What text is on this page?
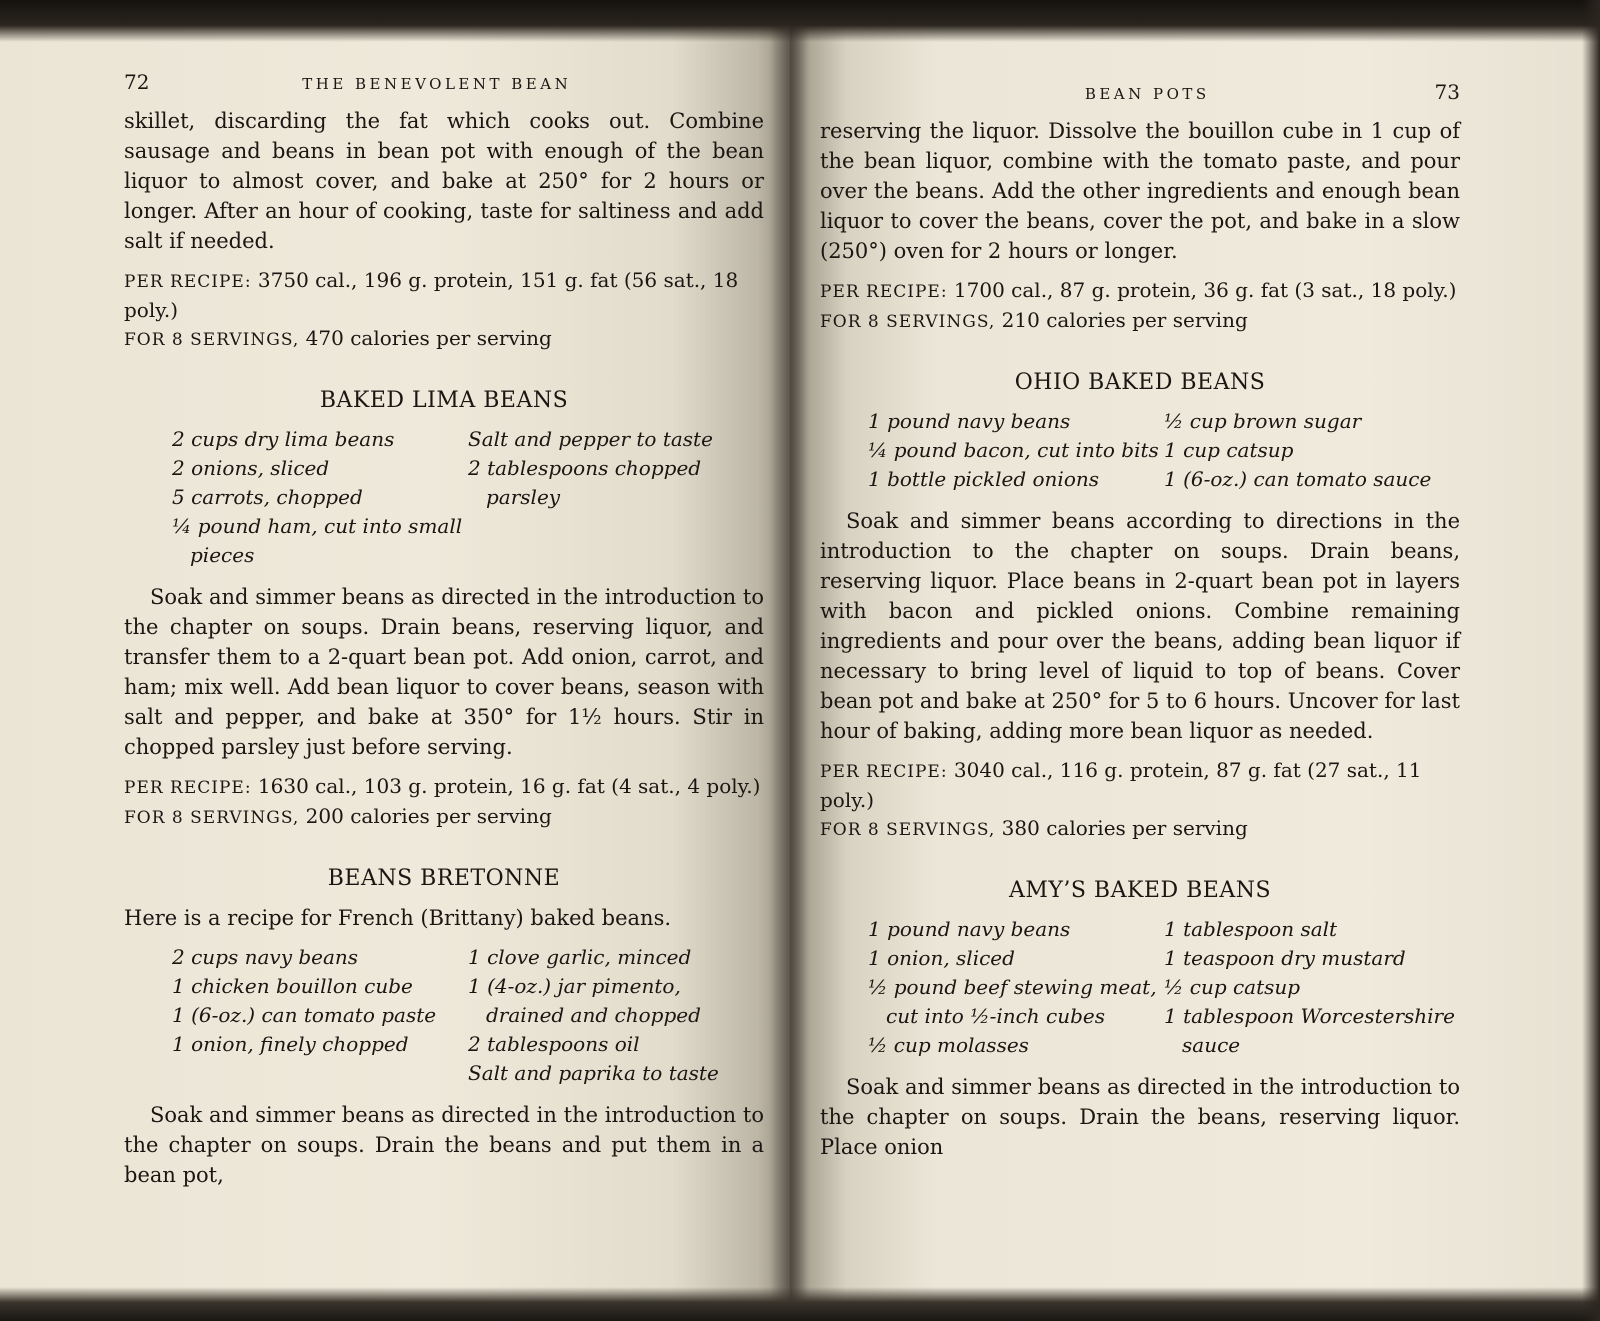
72	THE BENEVOLENT BEAN

skillet, discarding the fat which cooks out. Combine sausage and beans in bean pot with enough of the bean liquor to almost cover, and bake at 250° for 2 hours or longer. After an hour of cooking, taste for saltiness and add salt if needed.

PER RECIPE: 3750 cal., 196 g. protein, 151 g. fat (56 sat., 18 poly.)
FOR 8 SERVINGS, 470 calories per serving
BAKED LIMA BEANS
2 cups dry lima beans
2 onions, sliced
5 carrots, chopped
¼ pound ham, cut into small pieces
Salt and pepper to taste
2 tablespoons chopped parsley

Soak and simmer beans as directed in the introduction to the chapter on soups. Drain beans, reserving liquor, and transfer them to a 2-quart bean pot. Add onion, carrot, and ham; mix well. Add bean liquor to cover beans, season with salt and pepper, and bake at 350° for 1½ hours. Stir in chopped parsley just before serving.

PER RECIPE: 1630 cal., 103 g. protein, 16 g. fat (4 sat., 4 poly.)
FOR 8 SERVINGS, 200 calories per serving
BEANS BRETONNE

Here is a recipe for French (Brittany) baked beans.

2 cups navy beans
1 chicken bouillon cube
1 (6-oz.) can tomato paste
1 onion, finely chopped
1 clove garlic, minced
1 (4-oz.) jar pimento, drained and chopped
2 tablespoons oil
Salt and paprika to taste

Soak and simmer beans as directed in the introduction to the chapter on soups. Drain the beans and put them in a bean pot,

BEAN POTS	73

reserving the liquor. Dissolve the bouillon cube in 1 cup of the bean liquor, combine with the tomato paste, and pour over the beans. Add the other ingredients and enough bean liquor to cover the beans, cover the pot, and bake in a slow (250°) oven for 2 hours or longer.

PER RECIPE: 1700 cal., 87 g. protein, 36 g. fat (3 sat., 18 poly.)
FOR 8 SERVINGS, 210 calories per serving
OHIO BAKED BEANS
1 pound navy beans
¼ pound bacon, cut into bits
1 bottle pickled onions
½ cup brown sugar
1 cup catsup
1 (6-oz.) can tomato sauce

Soak and simmer beans according to directions in the introduction to the chapter on soups. Drain beans, reserving liquor. Place beans in 2-quart bean pot in layers with bacon and pickled onions. Combine remaining ingredients and pour over the beans, adding bean liquor if necessary to bring level of liquid to top of beans. Cover bean pot and bake at 250° for 5 to 6 hours. Uncover for last hour of baking, adding more bean liquor as needed.

PER RECIPE: 3040 cal., 116 g. protein, 87 g. fat (27 sat., 11 poly.)
FOR 8 SERVINGS, 380 calories per serving
AMY’S BAKED BEANS
1 pound navy beans
1 onion, sliced
½ pound beef stewing meat, cut into ½-inch cubes
½ cup molasses
1 tablespoon salt
1 teaspoon dry mustard
½ cup catsup
1 tablespoon Worcestershire sauce

Soak and simmer beans as directed in the introduction to the chapter on soups. Drain the beans, reserving liquor. Place onion
